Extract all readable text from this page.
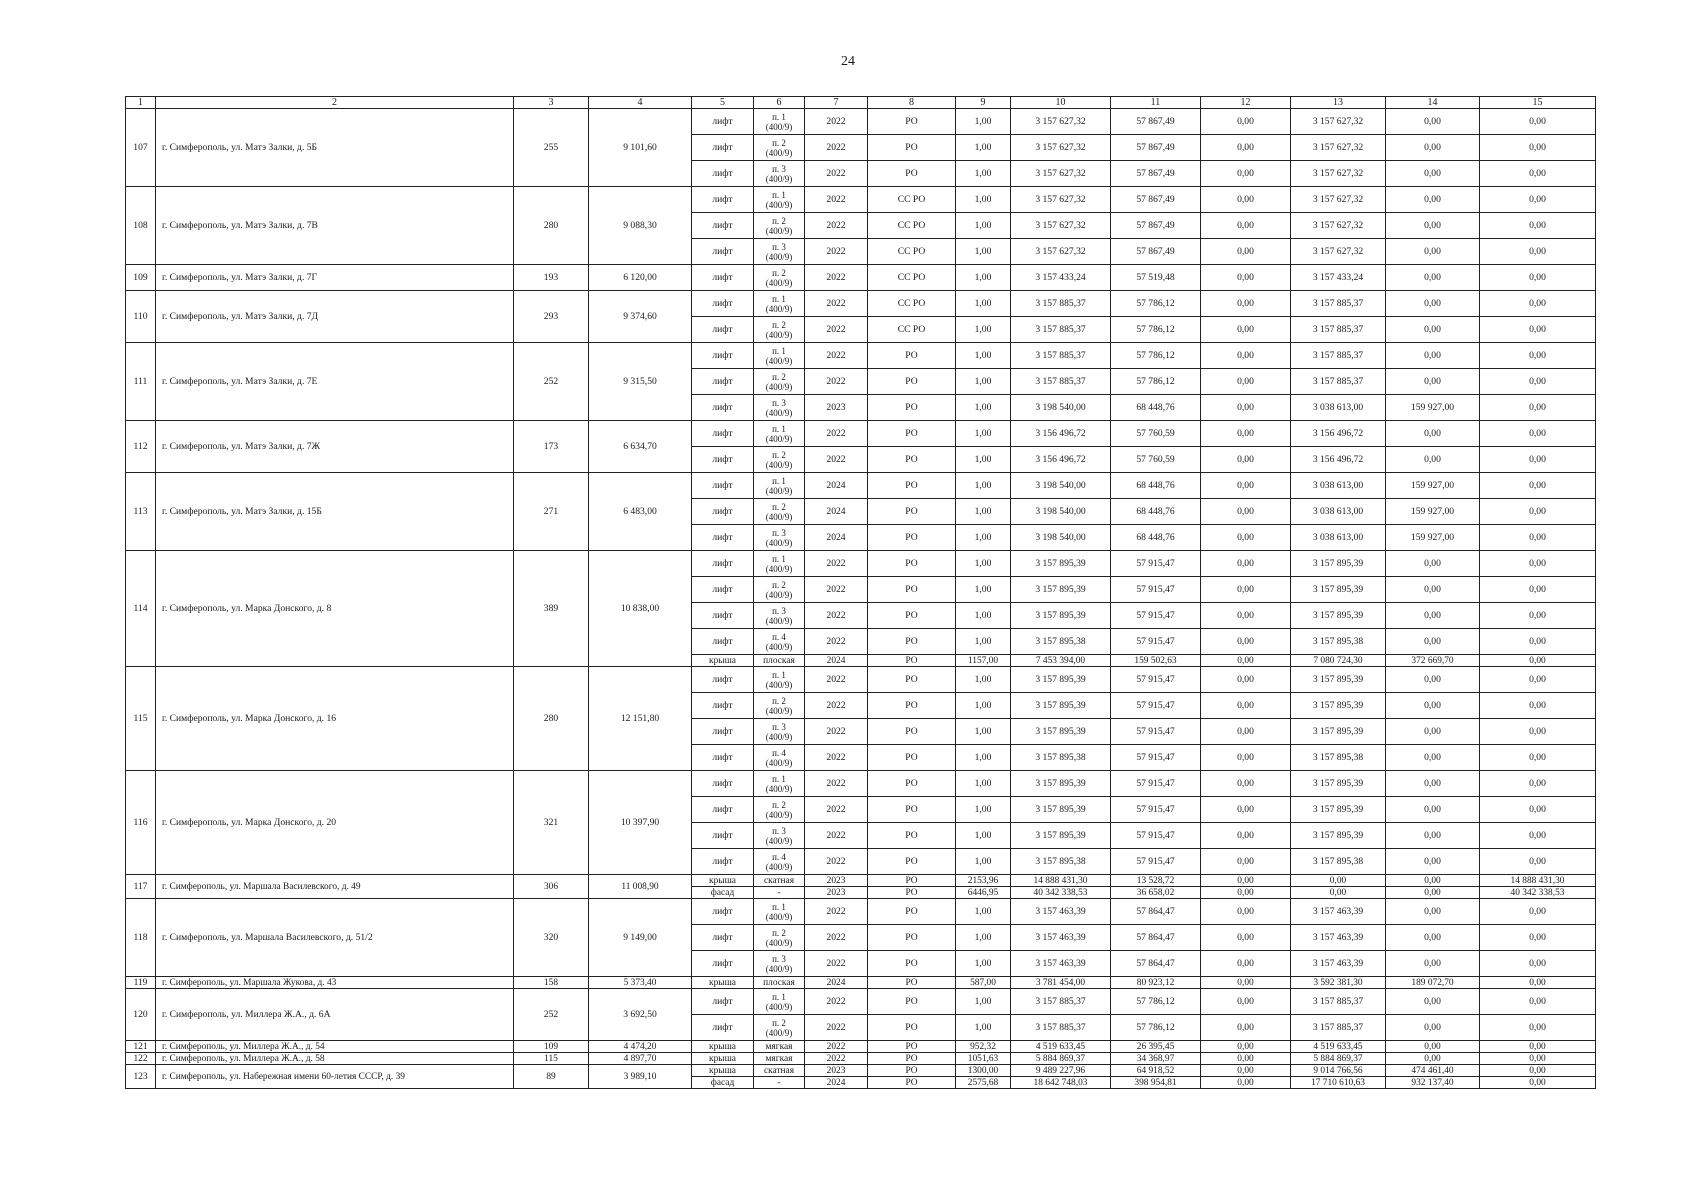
24
1	2	3	4	5	6	7	8	9	10	11	12	13	14	15
107	г. Симферополь, ул. Матэ Залки, д. 5Б	255	9 101,60	лифт	п. 1
(400/9)	2022	РО	1,00	3 157 627,32	57 867,49	0,00	3 157 627,32	0,00	0,00
				лифт	п. 2
(400/9)	2022	РО	1,00	3 157 627,32	57 867,49	0,00	3 157 627,32	0,00	0,00
				лифт	п. 3
(400/9)	2022	РО	1,00	3 157 627,32	57 867,49	0,00	3 157 627,32	0,00	0,00
108	г. Симферополь, ул. Матэ Залки, д. 7В	280	9 088,30	лифт	п. 1
(400/9)	2022	СС РО	1,00	3 157 627,32	57 867,49	0,00	3 157 627,32	0,00	0,00
				лифт	п. 2
(400/9)	2022	СС РО	1,00	3 157 627,32	57 867,49	0,00	3 157 627,32	0,00	0,00
				лифт	п. 3
(400/9)	2022	СС РО	1,00	3 157 627,32	57 867,49	0,00	3 157 627,32	0,00	0,00
109	г. Симферополь, ул. Матэ Залки, д. 7Г	193	6 120,00	лифт	п. 2
(400/9)	2022	СС РО	1,00	3 157 433,24	57 519,48	0,00	3 157 433,24	0,00	0,00
110	г. Симферополь, ул. Матэ Залки, д. 7Д	293	9 374,60	лифт	п. 1
(400/9)	2022	СС РО	1,00	3 157 885,37	57 786,12	0,00	3 157 885,37	0,00	0,00
				лифт	п. 2
(400/9)	2022	СС РО	1,00	3 157 885,37	57 786,12	0,00	3 157 885,37	0,00	0,00
111	г. Симферополь, ул. Матэ Залки, д. 7Е	252	9 315,50	лифт	п. 1
(400/9)	2022	РО	1,00	3 157 885,37	57 786,12	0,00	3 157 885,37	0,00	0,00
				лифт	п. 2
(400/9)	2022	РО	1,00	3 157 885,37	57 786,12	0,00	3 157 885,37	0,00	0,00
				лифт	п. 3
(400/9)	2023	РО	1,00	3 198 540,00	68 448,76	0,00	3 038 613,00	159 927,00	0,00
112	г. Симферополь, ул. Матэ Залки, д. 7Ж	173	6 634,70	лифт	п. 1
(400/9)	2022	РО	1,00	3 156 496,72	57 760,59	0,00	3 156 496,72	0,00	0,00
				лифт	п. 2
(400/9)	2022	РО	1,00	3 156 496,72	57 760,59	0,00	3 156 496,72	0,00	0,00
113	г. Симферополь, ул. Матэ Залки, д. 15Б	271	6 483,00	лифт	п. 1
(400/9)	2024	РО	1,00	3 198 540,00	68 448,76	0,00	3 038 613,00	159 927,00	0,00
				лифт	п. 2
(400/9)	2024	РО	1,00	3 198 540,00	68 448,76	0,00	3 038 613,00	159 927,00	0,00
				лифт	п. 3
(400/9)	2024	РО	1,00	3 198 540,00	68 448,76	0,00	3 038 613,00	159 927,00	0,00
114	г. Симферополь, ул. Марка Донского, д. 8	389	10 838,00	лифт	п. 1
(400/9)	2022	РО	1,00	3 157 895,39	57 915,47	0,00	3 157 895,39	0,00	0,00
				лифт	п. 2
(400/9)	2022	РО	1,00	3 157 895,39	57 915,47	0,00	3 157 895,39	0,00	0,00
				лифт	п. 3
(400/9)	2022	РО	1,00	3 157 895,39	57 915,47	0,00	3 157 895,39	0,00	0,00
				лифт	п. 4
(400/9)	2022	РО	1,00	3 157 895,38	57 915,47	0,00	3 157 895,38	0,00	0,00
				крыша	плоская	2024	РО	1157,00	7 453 394,00	159 502,63	0,00	7 080 724,30	372 669,70	0,00
115	г. Симферополь, ул. Марка Донского, д. 16	280	12 151,80	лифт	п. 1
(400/9)	2022	РО	1,00	3 157 895,39	57 915,47	0,00	3 157 895,39	0,00	0,00
				лифт	п. 2
(400/9)	2022	РО	1,00	3 157 895,39	57 915,47	0,00	3 157 895,39	0,00	0,00
				лифт	п. 3
(400/9)	2022	РО	1,00	3 157 895,39	57 915,47	0,00	3 157 895,39	0,00	0,00
				лифт	п. 4
(400/9)	2022	РО	1,00	3 157 895,38	57 915,47	0,00	3 157 895,38	0,00	0,00
116	г. Симферополь, ул. Марка Донского, д. 20	321	10 397,90	лифт	п. 1
(400/9)	2022	РО	1,00	3 157 895,39	57 915,47	0,00	3 157 895,39	0,00	0,00
				лифт	п. 2
(400/9)	2022	РО	1,00	3 157 895,39	57 915,47	0,00	3 157 895,39	0,00	0,00
				лифт	п. 3
(400/9)	2022	РО	1,00	3 157 895,39	57 915,47	0,00	3 157 895,39	0,00	0,00
				лифт	п. 4
(400/9)	2022	РО	1,00	3 157 895,38	57 915,47	0,00	3 157 895,38	0,00	0,00
117	г. Симферополь, ул. Маршала Василевского, д. 49	306	11 008,90	крыша	скатная	2023	РО	2153,96	14 888 431,30	13 528,72	0,00	0,00	0,00	14 888 431,30
				фасад	-	2023	РО	6446,95	40 342 338,53	36 658,02	0,00	0,00	0,00	40 342 338,53
118	г. Симферополь, ул. Маршала Василевского, д. 51/2	320	9 149,00	лифт	п. 1
(400/9)	2022	РО	1,00	3 157 463,39	57 864,47	0,00	3 157 463,39	0,00	0,00
				лифт	п. 2
(400/9)	2022	РО	1,00	3 157 463,39	57 864,47	0,00	3 157 463,39	0,00	0,00
				лифт	п. 3
(400/9)	2022	РО	1,00	3 157 463,39	57 864,47	0,00	3 157 463,39	0,00	0,00
119	г. Симферополь, ул. Маршала Жукова, д. 43	158	5 373,40	крыша	плоская	2024	РО	587,00	3 781 454,00	80 923,12	0,00	3 592 381,30	189 072,70	0,00
120	г. Симферополь, ул. Миллера Ж.А., д. 6А	252	3 692,50	лифт	п. 1
(400/9)	2022	РО	1,00	3 157 885,37	57 786,12	0,00	3 157 885,37	0,00	0,00
				лифт	п. 2
(400/9)	2022	РО	1,00	3 157 885,37	57 786,12	0,00	3 157 885,37	0,00	0,00
121	г. Симферополь, ул. Миллера Ж.А., д. 54	109	4 474,20	крыша	мягкая	2022	РО	952,32	4 519 633,45	26 395,45	0,00	4 519 633,45	0,00	0,00
122	г. Симферополь, ул. Миллера Ж.А., д. 58	115	4 897,70	крыша	мягкая	2022	РО	1051,63	5 884 869,37	34 368,97	0,00	5 884 869,37	0,00	0,00
123	г. Симферополь, ул. Набережная имени 60-летия СССР, д. 39	89	3 989,10	крыша	скатная	2023	РО	1300,00	9 489 227,96	64 918,52	0,00	9 014 766,56	474 461,40	0,00
				фасад	-	2024	РО	2575,68	18 642 748,03	398 954,81	0,00	17 710 610,63	932 137,40	0,00
